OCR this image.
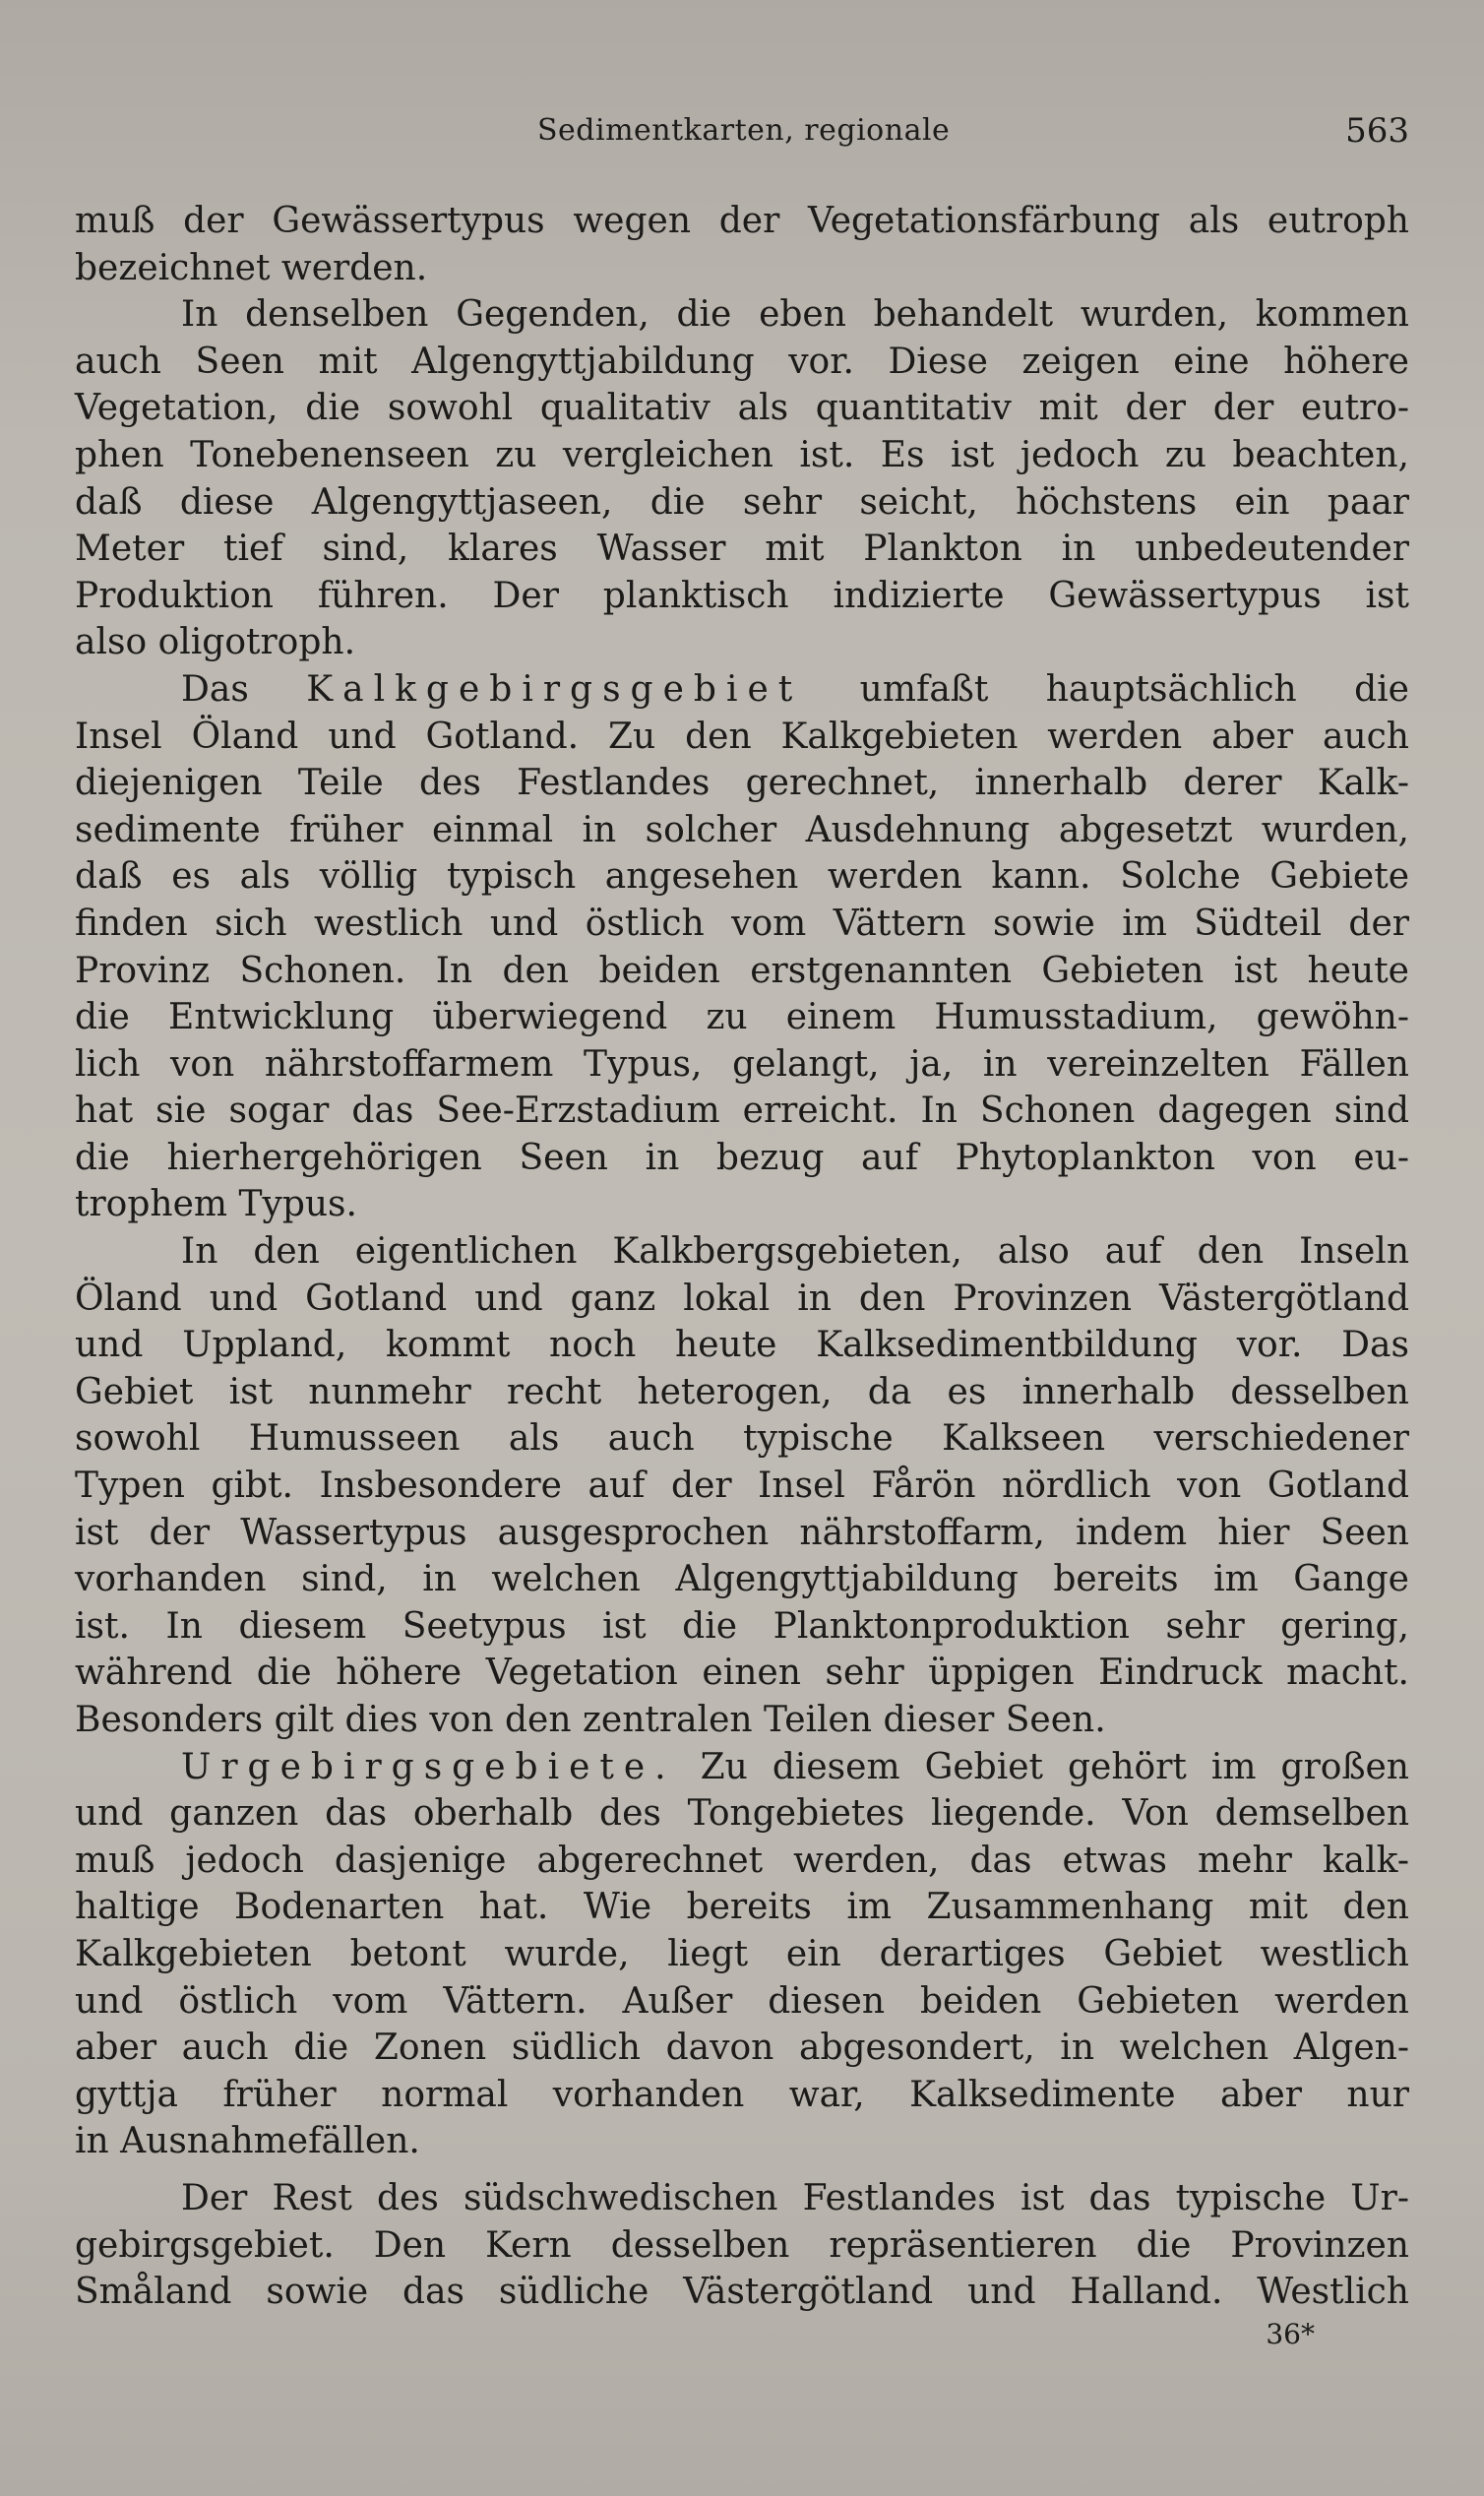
Sedimentkarten, regionale	563
muß der Gewässertypus wegen der Vegetationsfärbung als eutroph
bezeichnet werden.
In denselben Gegenden, die eben behandelt wurden, kommen
auch Seen mit Algengyttjabildung vor. Diese zeigen eine höhere
Vegetation, die sowohl qualitativ als quantitativ mit der der eutro-
phen Tonebenenseen zu vergleichen ist. Es ist jedoch zu beachten,
daß diese Algengyttjaseen, die sehr seicht, höchstens ein paar
Meter tief sind, klares Wasser mit Plankton in unbedeutender
Produktion führen. Der planktisch indizierte Gewässertypus ist
also oligotroph.
Das Kalkgebirgsgebiet umfaßt hauptsächlich die
Insel Öland und Gotland. Zu den Kalkgebieten werden aber auch
diejenigen Teile des Festlandes gerechnet, innerhalb derer Kalk-
sedimente früher einmal in solcher Ausdehnung abgesetzt wurden,
daß es als völlig typisch angesehen werden kann. Solche Gebiete
finden sich westlich und östlich vom Vättern sowie im Südteil der
Provinz Schonen. In den beiden erstgenannten Gebieten ist heute
die Entwicklung überwiegend zu einem Humusstadium, gewöhn-
lich von nährstoffarmem Typus, gelangt, ja, in vereinzelten Fällen
hat sie sogar das See-Erzstadium erreicht. In Schonen dagegen sind
die hierhergehörigen Seen in bezug auf Phytoplankton von eu-
trophem Typus.
In den eigentlichen Kalkbergsgebieten, also auf den Inseln
Öland und Gotland und ganz lokal in den Provinzen Västergötland
und Uppland, kommt noch heute Kalksedimentbildung vor. Das
Gebiet ist nunmehr recht heterogen, da es innerhalb desselben
sowohl Humusseen als auch typische Kalkseen verschiedener
Typen gibt. Insbesondere auf der Insel Fårön nördlich von Gotland
ist der Wassertypus ausgesprochen nährstoffarm, indem hier Seen
vorhanden sind, in welchen Algengyttjabildung bereits im Gange
ist. In diesem Seetypus ist die Planktonproduktion sehr gering,
während die höhere Vegetation einen sehr üppigen Eindruck macht.
Besonders gilt dies von den zentralen Teilen dieser Seen.
Urgebirgsgebiete. Zu diesem Gebiet gehört im großen
und ganzen das oberhalb des Tongebietes liegende. Von demselben
muß jedoch dasjenige abgerechnet werden, das etwas mehr kalk-
haltige Bodenarten hat. Wie bereits im Zusammenhang mit den
Kalkgebieten betont wurde, liegt ein derartiges Gebiet westlich
und östlich vom Vättern. Außer diesen beiden Gebieten werden
aber auch die Zonen südlich davon abgesondert, in welchen Algen-
gyttja früher normal vorhanden war, Kalksedimente aber nur
in Ausnahmefällen.
Der Rest des südschwedischen Festlandes ist das typische Ur-
gebirgsgebiet. Den Kern desselben repräsentieren die Provinzen
Småland sowie das südliche Västergötland und Halland. Westlich
36*
